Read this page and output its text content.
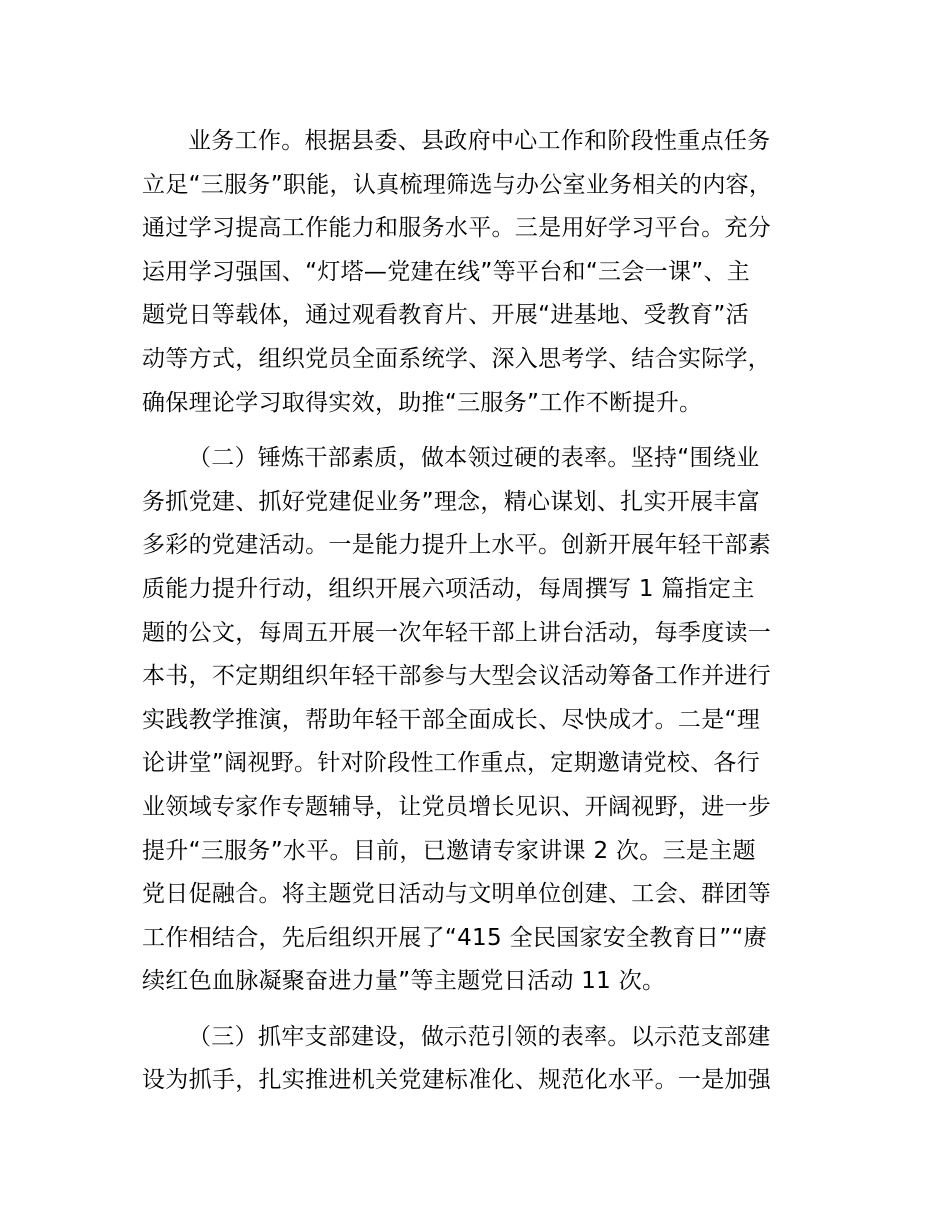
业务工作。根据县委、县政府中心工作和阶段性重点任务
立足“三服务”职能，认真梳理筛选与办公室业务相关的内容，
通过学习提高工作能力和服务水平。三是用好学习平台。充分
运用学习强国、“灯塔—党建在线”等平台和“三会一课”、主
题党日等载体，通过观看教育片、开展“进基地、受教育”活
动等方式，组织党员全面系统学、深入思考学、结合实际学，
确保理论学习取得实效，助推“三服务”工作不断提升。
（二）锤炼干部素质，做本领过硬的表率。坚持“围绕业
务抓党建、抓好党建促业务”理念，精心谋划、扎实开展丰富
多彩的党建活动。一是能力提升上水平。创新开展年轻干部素
质能力提升行动，组织开展六项活动，每周撰写 1 篇指定主
题的公文，每周五开展一次年轻干部上讲台活动，每季度读一
本书，不定期组织年轻干部参与大型会议活动筹备工作并进行
实践教学推演，帮助年轻干部全面成长、尽快成才。二是“理
论讲堂”阔视野。针对阶段性工作重点，定期邀请党校、各行
业领域专家作专题辅导，让党员增长见识、开阔视野，进一步
提升“三服务”水平。目前，已邀请专家讲课 2 次。三是主题
党日促融合。将主题党日活动与文明单位创建、工会、群团等
工作相结合，先后组织开展了“415 全民国家安全教育日”“赓
续红色血脉凝聚奋进力量”等主题党日活动 11 次。
（三）抓牢支部建设，做示范引领的表率。以示范支部建
设为抓手，扎实推进机关党建标准化、规范化水平。一是加强
